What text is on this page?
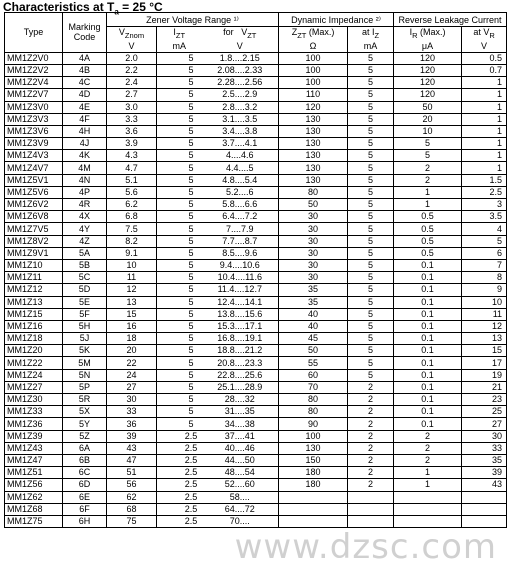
Characteristics at $T_a = 25$ °C
Type	Marking
Code	Zener Voltage Range ¹⁾				Dynamic Impedance ²⁾		Reverse Leakage Current	
		$V_{Znom}$	$I_{ZT}$		for $V_{ZT}$	$Z_{ZT}$ (Max.)	at $I_Z$	$I_R$ (Max.)	at $V_R$
		V	mA		V	Ω	mA	μA	V
MM1Z2V0	4A	2.0		5	1.8....2.15	100	5	120	0.5
MM1Z2V2	4B	2.2		5	2.08....2.33	100	5	120	0.7
MM1Z2V4	4C	2.4		5	2.28....2.56	100	5	120	1
MM1Z2V7	4D	2.7		5	2.5....2.9	110	5	120	1
MM1Z3V0	4E	3.0		5	2.8....3.2	120	5	50	1
MM1Z3V3	4F	3.3		5	3.1....3.5	130	5	20	1
MM1Z3V6	4H	3.6		5	3.4....3.8	130	5	10	1
MM1Z3V9	4J	3.9		5	3.7....4.1	130	5	5	1
MM1Z4V3	4K	4.3		5	4....4.6	130	5	5	1
MM1Z4V7	4M	4.7		5	4.4....5	130	5	2	1
MM1Z5V1	4N	5.1		5	4.8....5.4	130	5	2	1.5
MM1Z5V6	4P	5.6		5	5.2....6	80	5	1	2.5
MM1Z6V2	4R	6.2		5	5.8....6.6	50	5	1	3
MM1Z6V8	4X	6.8		5	6.4....7.2	30	5	0.5	3.5
MM1Z7V5	4Y	7.5		5	7....7.9	30	5	0.5	4
MM1Z8V2	4Z	8.2		5	7.7....8.7	30	5	0.5	5
MM1Z9V1	5A	9.1		5	8.5....9.6	30	5	0.5	6
MM1Z10	5B	10		5	9.4....10.6	30	5	0.1	7
MM1Z11	5C	11		5	10.4....11.6	30	5	0.1	8
MM1Z12	5D	12		5	11.4....12.7	35	5	0.1	9
MM1Z13	5E	13		5	12.4....14.1	35	5	0.1	10
MM1Z15	5F	15		5	13.8....15.6	40	5	0.1	11
MM1Z16	5H	16		5	15.3....17.1	40	5	0.1	12
MM1Z18	5J	18		5	16.8....19.1	45	5	0.1	13
MM1Z20	5K	20		5	18.8....21.2	50	5	0.1	15
MM1Z22	5M	22		5	20.8....23.3	55	5	0.1	17
MM1Z24	5N	24		5	22.8....25.6	60	5	0.1	19
MM1Z27	5P	27		5	25.1....28.9	70	2	0.1	21
MM1Z30	5R	30		5	28....32	80	2	0.1	23
MM1Z33	5X	33		5	31....35	80	2	0.1	25
MM1Z36	5Y	36		5	34....38	90	2	0.1	27
MM1Z39	5Z	39		2.5	37....41	100	2	2	30
MM1Z43	6A	43		2.5	40....46	130	2	2	33
MM1Z47	6B	47		2.5	44....50	150	2	2	35
MM1Z51	6C	51		2.5	48....54	180	2	1	39
MM1Z56	6D	56		2.5	52....60	180	2	1	43
MM1Z62	6E	62		2.5	58....				
MM1Z68	6F	68		2.5	64....72				
MM1Z75	6H	75		2.5	70....				
www.dzsc.com
